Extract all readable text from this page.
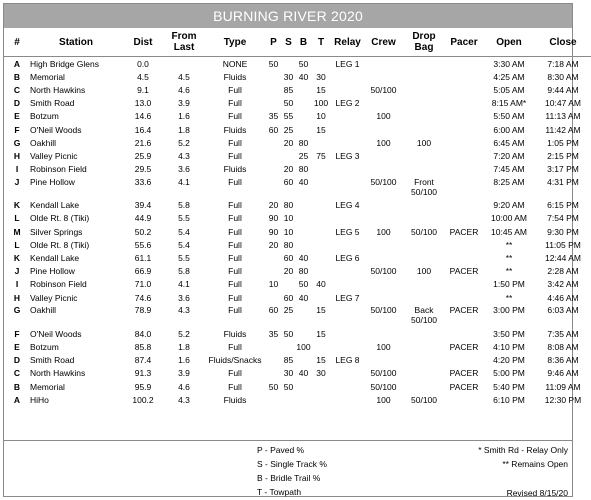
BURNING RIVER 2020
#	Station	Dist	From Last	Type	P	S	B	T	Relay	Crew	Drop Bag	Pacer	Open	Close
A	High Bridge Glens	0.0		NONE	50		50		LEG 1				3:30 AM	7:18 AM
B	Memorial	4.5	4.5	Fluids		30	40	30					4:25 AM	8:30 AM
C	North Hawkins	9.1	4.6	Full		85		15		50/100			5:05 AM	9:44 AM
D	Smith Road	13.0	3.9	Full		50		100	LEG 2				8:15 AM*	10:47 AM
E	Botzum	14.6	1.6	Full	35	55		10		100			5:50 AM	11:13 AM
F	O'Neil Woods	16.4	1.8	Fluids	60	25		15					6:00 AM	11:42 AM
G	Oakhill	21.6	5.2	Full		20	80			100	100		6:45 AM	1:05 PM
H	Valley Picnic	25.9	4.3	Full			25	75	LEG 3				7:20 AM	2:15 PM
I	Robinson Field	29.5	3.6	Fluids		20	80						7:45 AM	3:17 PM
J	Pine Hollow	33.6	4.1	Full		60	40			50/100	Front 50/100		8:25 AM	4:31 PM
K	Kendall Lake	39.4	5.8	Full	20	80			LEG 4				9:20 AM	6:15 PM
L	Olde Rt. 8 (Tiki)	44.9	5.5	Full	90	10							10:00 AM	7:54 PM
M	Silver Springs	50.2	5.4	Full	90	10			LEG 5	100	50/100	PACER	10:45 AM	9:30 PM
L	Olde Rt. 8 (Tiki)	55.6	5.4	Full	20	80							**	11:05 PM
K	Kendall Lake	61.1	5.5	Full		60	40		LEG 6				**	12:44 AM
J	Pine Hollow	66.9	5.8	Full		20	80			50/100	100	PACER	**	2:28 AM
I	Robinson Field	71.0	4.1	Full	10		50	40					1:50 PM	3:42 AM
H	Valley Picnic	74.6	3.6	Full		60	40		LEG 7				**	4:46 AM
G	Oakhill	78.9	4.3	Full	60	25		15		50/100	Back 50/100	PACER	3:00 PM	6:03 AM
F	O'Neil Woods	84.0	5.2	Fluids	35	50		15					3:50 PM	7:35 AM
E	Botzum	85.8	1.8	Full			100			100		PACER	4:10 PM	8:08 AM
D	Smith Road	87.4	1.6	Fluids/Snacks		85		15	LEG 8				4:20 PM	8:36 AM
C	North Hawkins	91.3	3.9	Full		30	40	30		50/100		PACER	5:00 PM	9:46 AM
B	Memorial	95.9	4.6	Full	50	50				50/100		PACER	5:40 PM	11:09 AM
A	HiHo	100.2	4.3	Fluids						100	50/100		6:10 PM	12:30 PM
P - Paved %
S - Single Track %
B - Bridle Trail %
T - Towpath
* Smith Rd - Relay Only
** Remains Open
Revised 8/15/20
